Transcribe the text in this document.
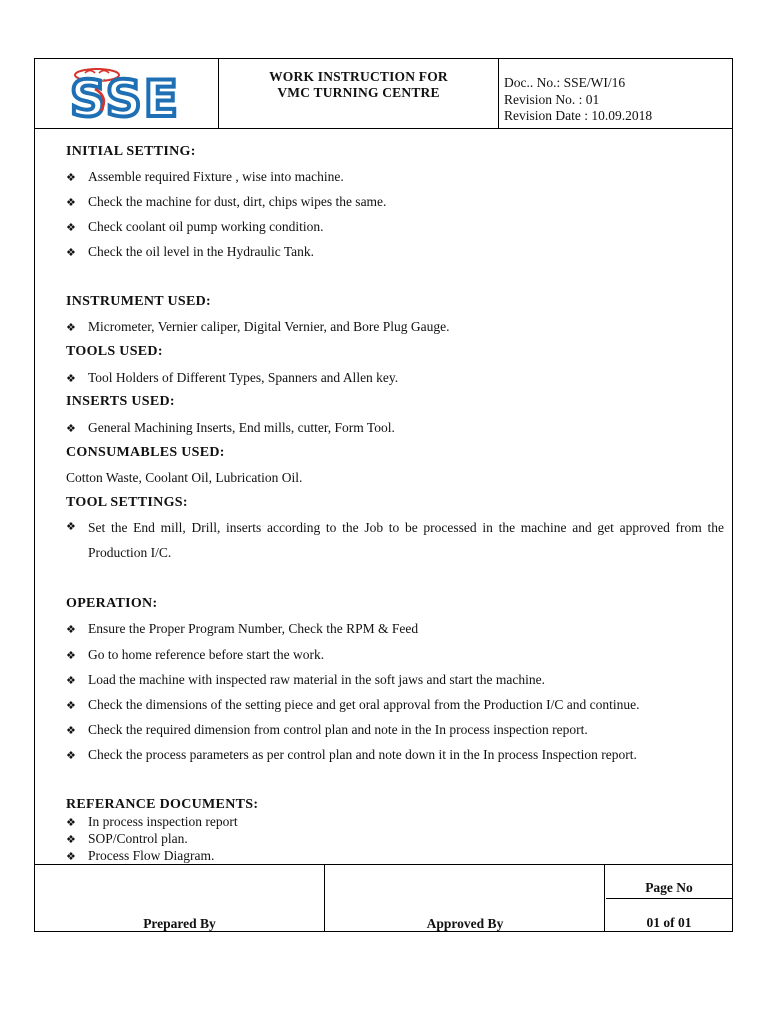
SSE	WORK INSTRUCTION FOR
VMC TURNING CENTRE
Doc.. No.: SSE/WI/16
Revision No. : 01
Revision Date : 10.09.2018
INITIAL SETTING:
❖ Assemble required Fixture , wise into machine.
❖ Check the machine for dust, dirt, chips wipes the same.
❖ Check coolant oil pump working condition.
❖ Check the oil level in the Hydraulic Tank.
INSTRUMENT USED:
❖ Micrometer, Vernier caliper, Digital Vernier, and Bore Plug Gauge.
TOOLS USED:
❖ Tool Holders of Different Types, Spanners and Allen key.
INSERTS USED:
❖ General Machining Inserts, End mills, cutter, Form Tool.
CONSUMABLES USED:
Cotton Waste, Coolant Oil, Lubrication Oil.
TOOL SETTINGS:
❖ Set the End mill, Drill, inserts according to the Job to be processed in the machine and get approved from the Production I/C.
OPERATION:
❖ Ensure the Proper Program Number, Check the RPM & Feed
❖ Go to home reference before start the work.
❖ Load the machine with inspected raw material in the soft jaws and start the machine.
❖ Check the dimensions of the setting piece and get oral approval from the Production I/C and continue.
❖ Check the required dimension from control plan and note in the In process inspection report.
❖ Check the process parameters as per control plan and note down it in the In process Inspection report.
REFERANCE DOCUMENTS:
❖ In process inspection report
❖ SOP/Control plan.
❖ Process Flow Diagram.
Prepared By	Approved By
Page No
01 of 01
